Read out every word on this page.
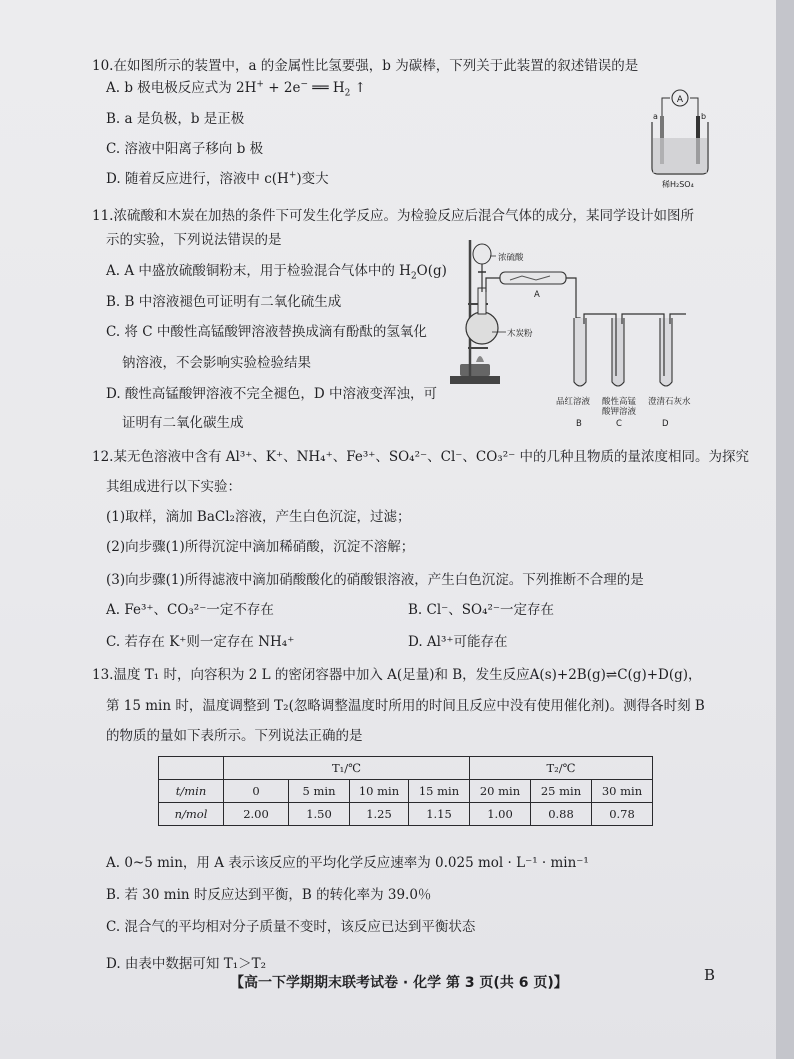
10.在如图所示的装置中，a 的金属性比氢要强，b 为碳棒，下列关于此装置的叙述错误的是
A. b 极电极反应式为 2H+ + 2e− ══ $H_2$ ↑
B. a 是负极，b 是正极
C. 溶液中阳离子移向 b 极
D. 随着反应进行，溶液中 c(H+)变大
A
a	b
稀H₂SO₄
11.浓硫酸和木炭在加热的条件下可发生化学反应。为检验反应后混合气体的成分，某同学设计如图所
示的实验，下列说法错误的是
A. A 中盛放硫酸铜粉末，用于检验混合气体中的 $H_2O(g)$
B. B 中溶液褪色可证明有二氧化硫生成
C. 将 C 中酸性高锰酸钾溶液替换成滴有酚酞的氢氧化
钠溶液，不会影响实验检验结果
D. 酸性高锰酸钾溶液不完全褪色，D 中溶液变浑浊，可
证明有二氧化碳生成
浓硫酸
木炭粉
A
品红溶液 酸性高锰
酸钾溶液
澄清石灰水
B	C	D
12.某无色溶液中含有 Al³⁺、K⁺、NH₄⁺、Fe³⁺、SO₄²⁻、Cl⁻、CO₃²⁻ 中的几种且物质的量浓度相同。为探究
其组成进行以下实验：
(1)取样，滴加 BaCl₂溶液，产生白色沉淀，过滤；
(2)向步骤(1)所得沉淀中滴加稀硝酸，沉淀不溶解；
(3)向步骤(1)所得滤液中滴加硝酸酸化的硝酸银溶液，产生白色沉淀。下列推断不合理的是
A. Fe³⁺、CO₃²⁻一定不存在	B. Cl⁻、SO₄²⁻一定存在
C. 若存在 K⁺则一定存在 NH₄⁺	D. Al³⁺可能存在
13.温度 T₁ 时，向容积为 2 L 的密闭容器中加入 A(足量)和 B，发生反应A(s)+2B(g)⇌C(g)+D(g)，
第 15 min 时，温度调整到 T₂(忽略调整温度时所用的时间且反应中没有使用催化剂)。测得各时刻 B
的物质的量如下表所示。下列说法正确的是
	T₁/℃				T₂/℃		
t/min	0	5 min	10 min	15 min	20 min	25 min	30 min
n/mol	2.00	1.50	1.25	1.15	1.00	0.88	0.78
A. 0~5 min，用 A 表示该反应的平均化学反应速率为 0.025 mol · L⁻¹ · min⁻¹
B. 若 30 min 时反应达到平衡，B 的转化率为 39.0％
C. 混合气的平均相对分子质量不变时，该反应已达到平衡状态
D. 由表中数据可知 T₁＞T₂
【高一下学期期末联考试卷 · 化学 第 3 页(共 6 页)】	B
